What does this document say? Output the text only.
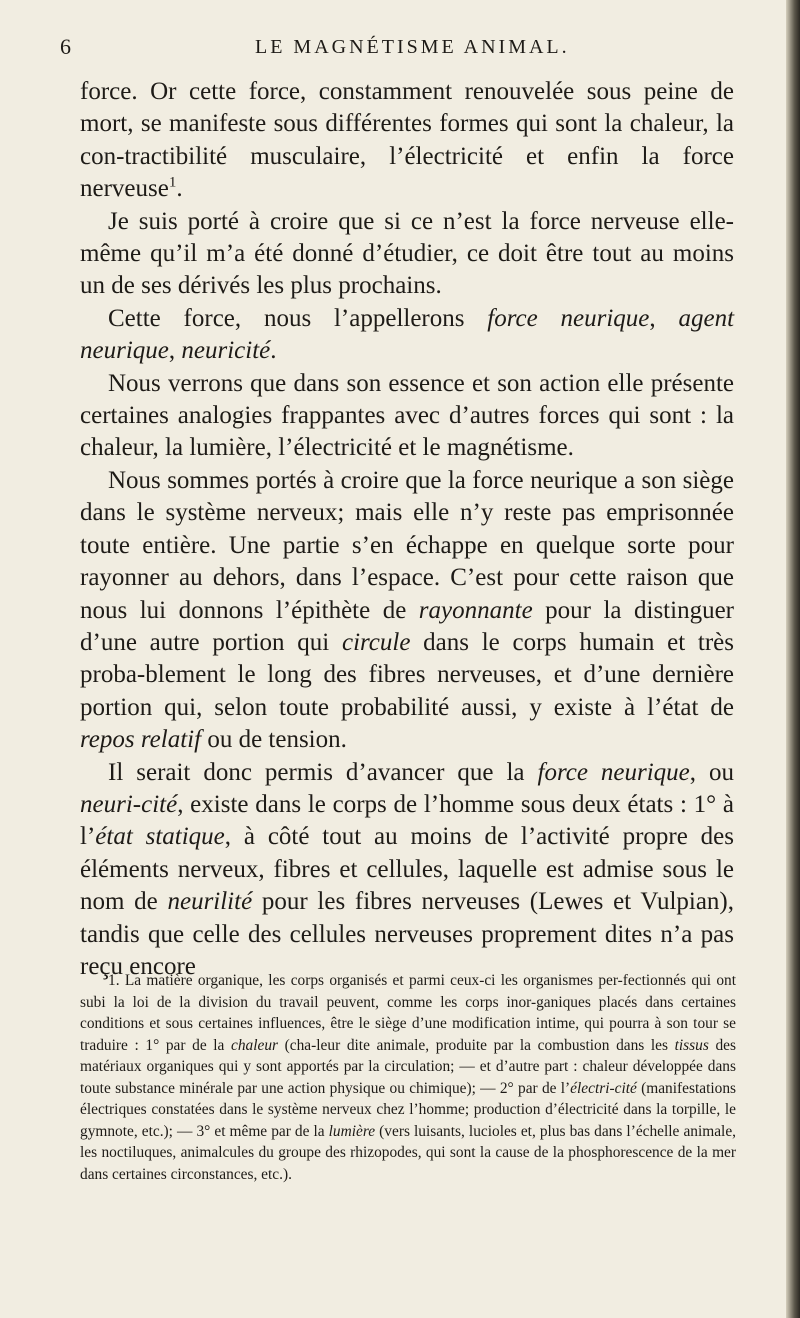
6	LE MAGNÉTISME ANIMAL.

force. Or cette force, constamment renouvelée sous peine de mort, se manifeste sous différentes formes qui sont la chaleur, la con-tractibilité musculaire, l’électricité et enfin la force nerveuse$^1$.

Je suis porté à croire que si ce n’est la force nerveuse elle-même qu’il m’a été donné d’étudier, ce doit être tout au moins un de ses dérivés les plus prochains.

Cette force, nous l’appellerons force neurique, agent neurique, neuricité.

Nous verrons que dans son essence et son action elle présente certaines analogies frappantes avec d’autres forces qui sont : la chaleur, la lumière, l’électricité et le magnétisme.

Nous sommes portés à croire que la force neurique a son siège dans le système nerveux; mais elle n’y reste pas emprisonnée toute entière. Une partie s’en échappe en quelque sorte pour rayonner au dehors, dans l’espace. C’est pour cette raison que nous lui donnons l’épithète de rayonnante pour la distinguer d’une autre portion qui circule dans le corps humain et très proba-blement le long des fibres nerveuses, et d’une dernière portion qui, selon toute probabilité aussi, y existe à l’état de repos relatif ou de tension.

Il serait donc permis d’avancer que la force neurique, ou neuri-cité, existe dans le corps de l’homme sous deux états : 1° à l’état statique, à côté tout au moins de l’activité propre des éléments nerveux, fibres et cellules, laquelle est admise sous le nom de neurilité pour les fibres nerveuses (Lewes et Vulpian), tandis que celle des cellules nerveuses proprement dites n’a pas reçu encore

1. La matière organique, les corps organisés et parmi ceux-ci les organismes per-fectionnés qui ont subi la loi de la division du travail peuvent, comme les corps inor-ganiques placés dans certaines conditions et sous certaines influences, être le siège d’une modification intime, qui pourra à son tour se traduire : 1° par de la chaleur (cha-leur dite animale, produite par la combustion dans les tissus des matériaux organiques qui y sont apportés par la circulation; — et d’autre part : chaleur développée dans toute substance minérale par une action physique ou chimique); — 2° par de l’électri-cité (manifestations électriques constatées dans le système nerveux chez l’homme; production d’électricité dans la torpille, le gymnote, etc.); — 3° et même par de la lumière (vers luisants, lucioles et, plus bas dans l’échelle animale, les noctiluques, animalcules du groupe des rhizopodes, qui sont la cause de la phosphorescence de la mer dans certaines circonstances, etc.).
